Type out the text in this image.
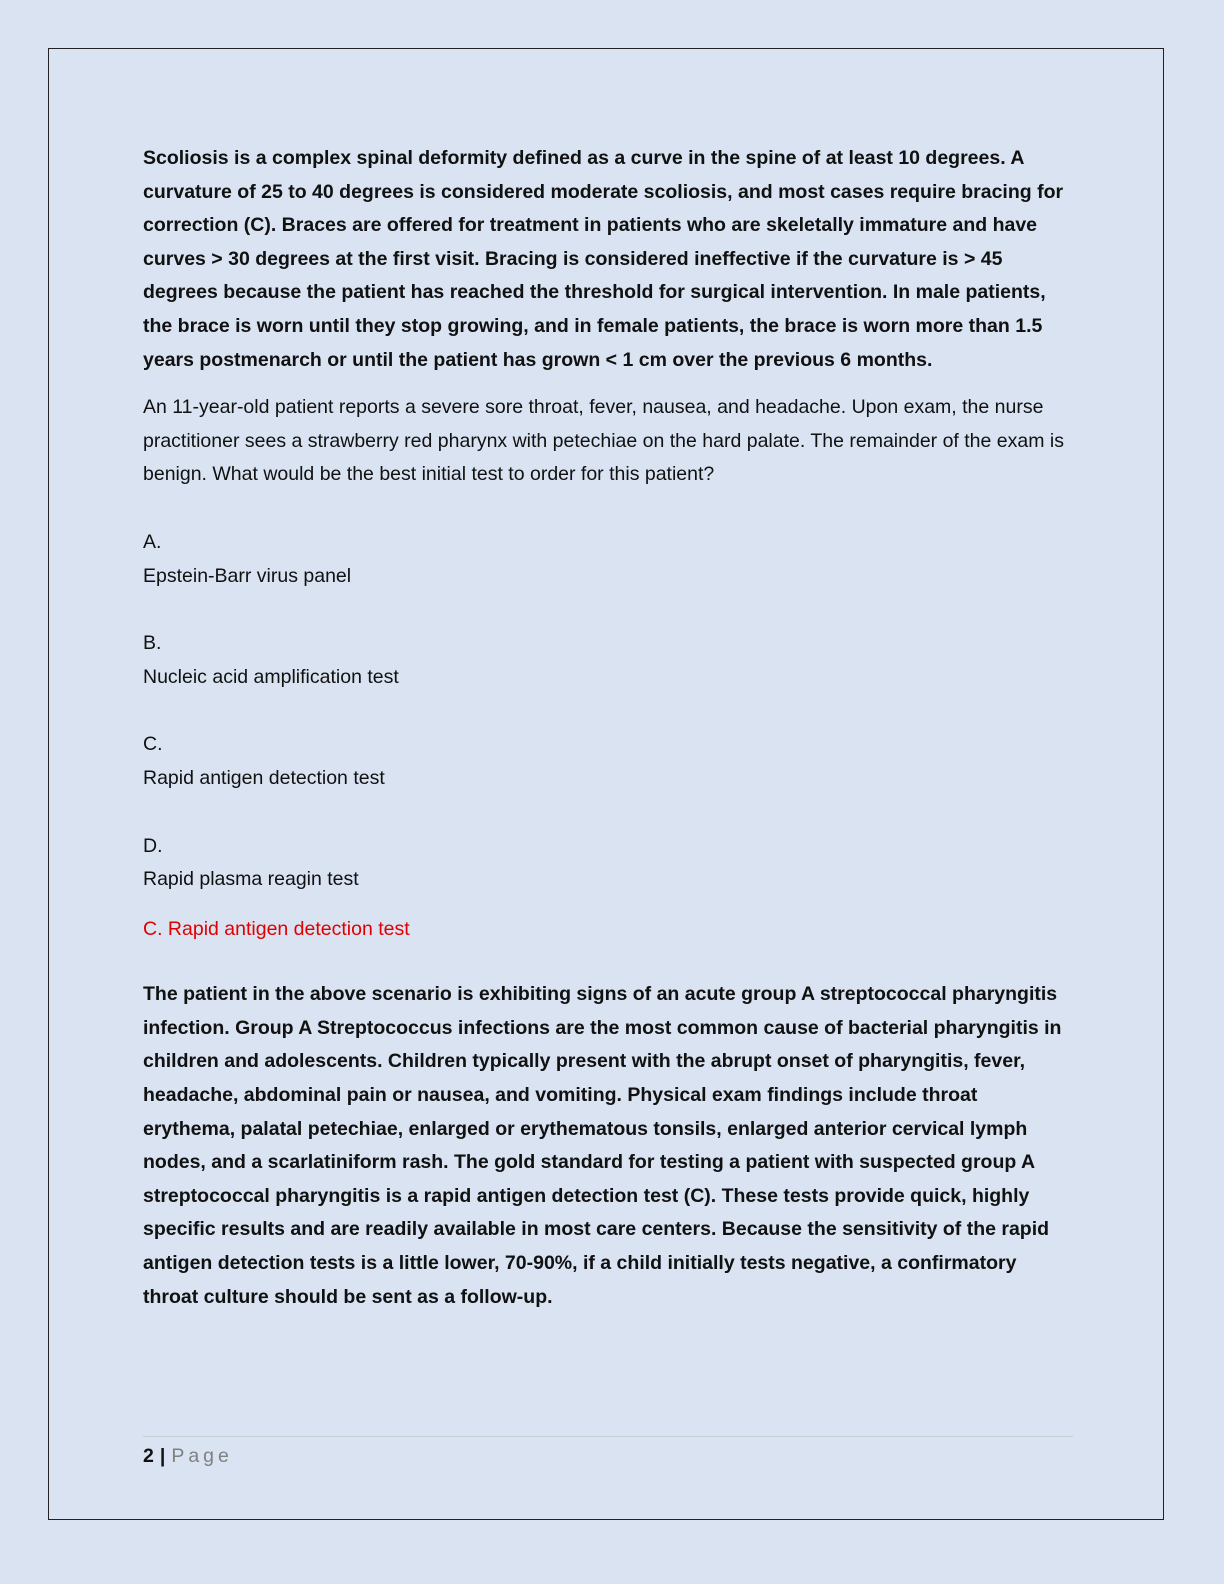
Scoliosis is a complex spinal deformity defined as a curve in the spine of at least 10 degrees. A curvature of 25 to 40 degrees is considered moderate scoliosis, and most cases require bracing for correction (C). Braces are offered for treatment in patients who are skeletally immature and have curves > 30 degrees at the first visit. Bracing is considered ineffective if the curvature is > 45 degrees because the patient has reached the threshold for surgical intervention. In male patients, the brace is worn until they stop growing, and in female patients, the brace is worn more than 1.5 years postmenarch or until the patient has grown < 1 cm over the previous 6 months.

An 11-year-old patient reports a severe sore throat, fever, nausea, and headache. Upon exam, the nurse practitioner sees a strawberry red pharynx with petechiae on the hard palate. The remainder of the exam is benign. What would be the best initial test to order for this patient?

A.
Epstein-Barr virus panel
B.
Nucleic acid amplification test
C.
Rapid antigen detection test
D.
Rapid plasma reagin test

C. Rapid antigen detection test

The patient in the above scenario is exhibiting signs of an acute group A streptococcal pharyngitis infection. Group A Streptococcus infections are the most common cause of bacterial pharyngitis in children and adolescents. Children typically present with the abrupt onset of pharyngitis, fever, headache, abdominal pain or nausea, and vomiting. Physical exam findings include throat erythema, palatal petechiae, enlarged or erythematous tonsils, enlarged anterior cervical lymph nodes, and a scarlatiniform rash. The gold standard for testing a patient with suspected group A streptococcal pharyngitis is a rapid antigen detection test (C). These tests provide quick, highly specific results and are readily available in most care centers. Because the sensitivity of the rapid antigen detection tests is a little lower, 70-90%, if a child initially tests negative, a confirmatory throat culture should be sent as a follow-up.

2 | Page
